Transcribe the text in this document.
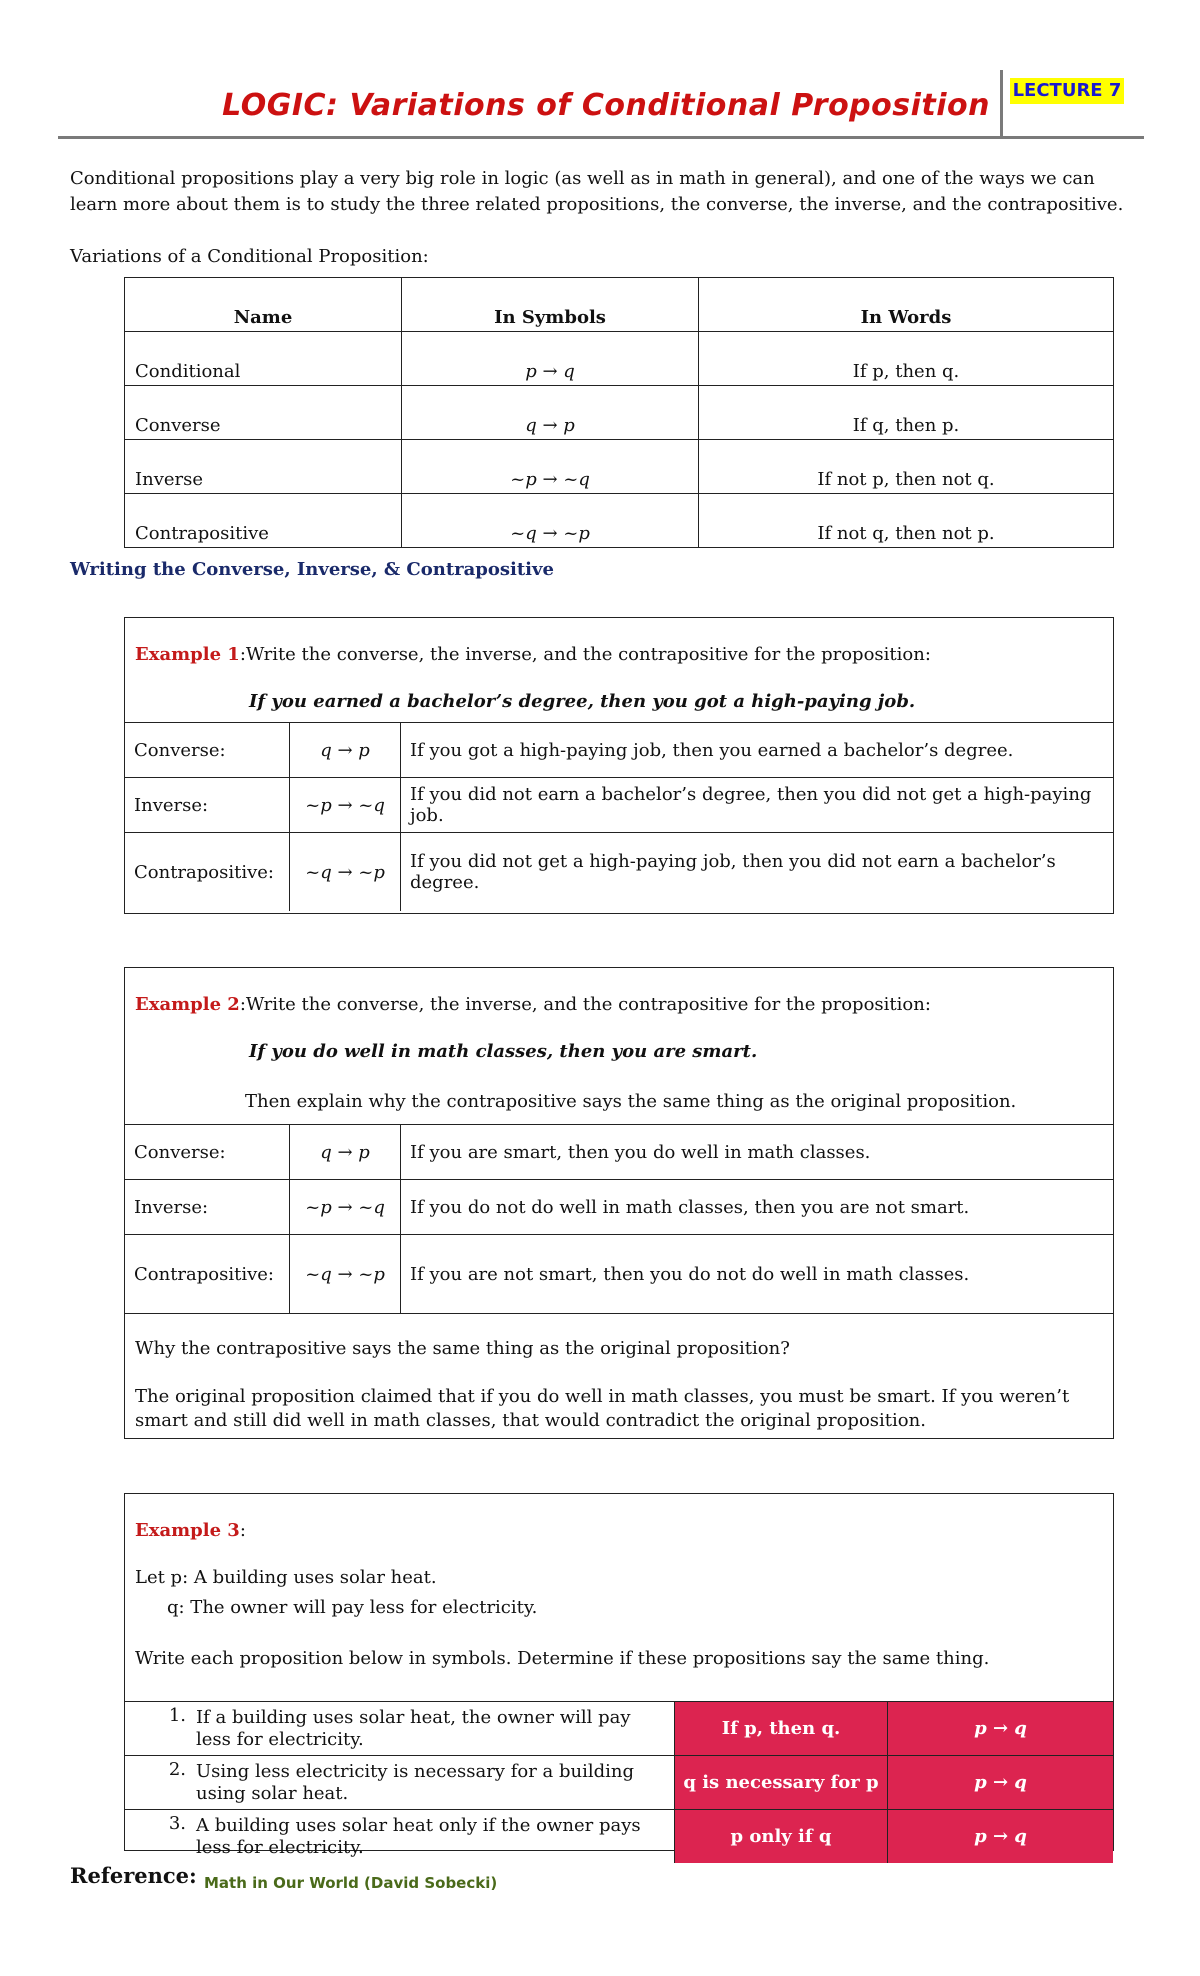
LOGIC: Variations of Conditional Proposition LECTURE 7
Conditional propositions play a very big role in logic (as well as in math in general), and one of the ways we can learn more about them is to study the three related propositions, the converse, the inverse, and the contrapositive.
Variations of a Conditional Proposition:
Name	In Symbols	In Words
Conditional	p → q	If p, then q.
Converse	q → p	If q, then p.
Inverse	~p → ~q	If not p, then not q.
Contrapositive	~q → ~p	If not q, then not p.
Writing the Converse, Inverse, & Contrapositive
Example 1:Write the converse, the inverse, and the contrapositive for the proposition:
If you earned a bachelor’s degree, then you got a high-paying job.
Converse:	q → p	If you got a high-paying job, then you earned a bachelor’s degree.
Inverse:	~p → ~q	If you did not earn a bachelor’s degree, then you did not get a high-paying job.
Contrapositive:	~q → ~p	If you did not get a high-paying job, then you did not earn a bachelor’s degree.
Example 2:Write the converse, the inverse, and the contrapositive for the proposition:
If you do well in math classes, then you are smart.
Then explain why the contrapositive says the same thing as the original proposition.
Converse:	q → p	If you are smart, then you do well in math classes.
Inverse:	~p → ~q	If you do not do well in math classes, then you are not smart.
Contrapositive:	~q → ~p	If you are not smart, then you do not do well in math classes.
Why the contrapositive says the same thing as the original proposition?
The original proposition claimed that if you do well in math classes, you must be smart. If you weren’t smart and still did well in math classes, that would contradict the original proposition.
Example 3:
Let p: A building uses solar heat.
q: The owner will pay less for electricity.
Write each proposition below in symbols. Determine if these propositions say the same thing.
1.	If a building uses solar heat, the owner will pay less for electricity.	If p, then q.	p → q
2.	Using less electricity is necessary for a building using solar heat.	q is necessary for p	p → q
3.	A building uses solar heat only if the owner pays less for electricity.	p only if q	p → q
Reference: Math in Our World (David Sobecki)
